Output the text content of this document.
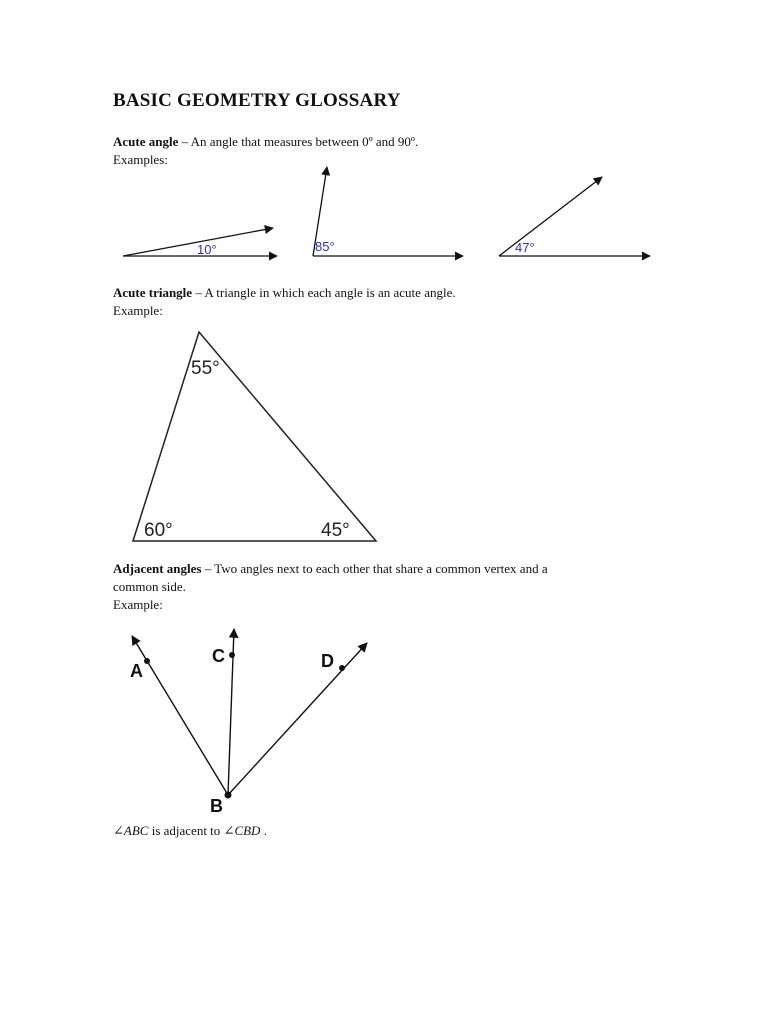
BASIC GEOMETRY GLOSSARY
Acute angle – An angle that measures between 0º and 90º.
Examples:
10°	85°	47°
55°
60°	45°
A
C	D
B
Acute triangle – A triangle in which each angle is an acute angle.
Example:
Adjacent angles – Two angles next to each other that share a common vertex and a
common side.
Example:
∠ABC is adjacent to ∠CBD .
